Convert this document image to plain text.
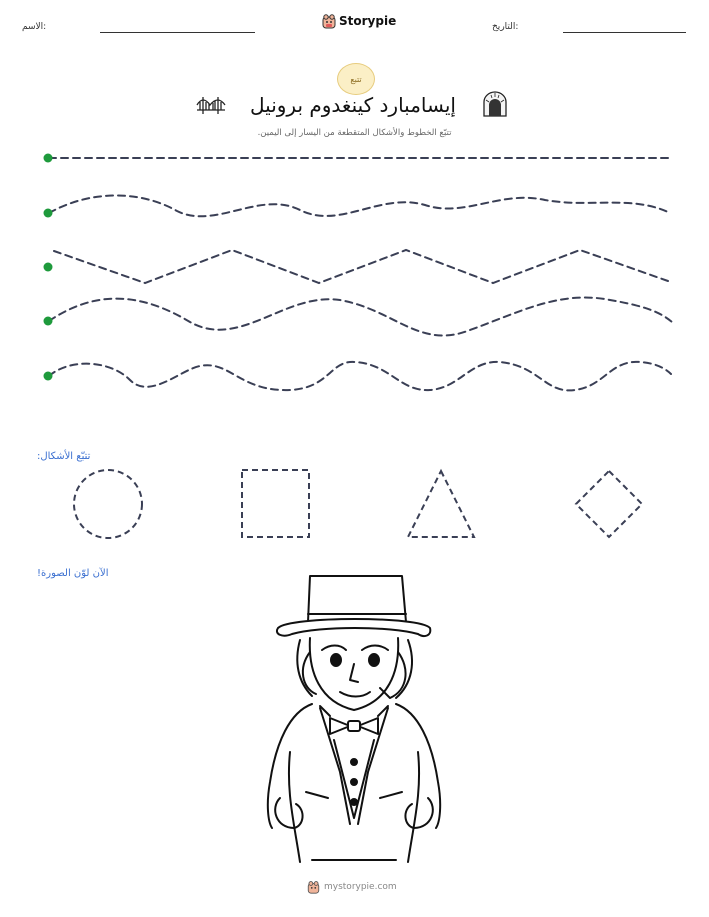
الاسم:	Storypie	التاريخ:
تتبع
إيسامبارد كينغدوم برونيل
تتبّع الخطوط والأشكال المتقطعة من اليسار إلى اليمين.
تتبّع الأشكال:
الآن لوّن الصورة!
mystorypie.com
